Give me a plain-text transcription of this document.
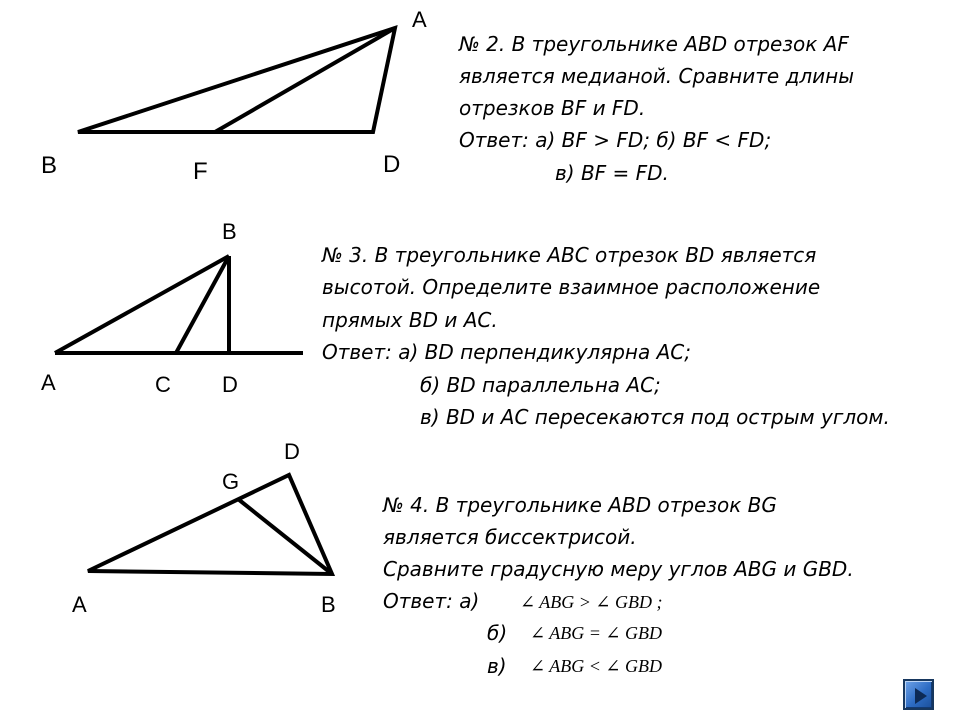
A
B	F	D
№ 2. В треугольнике ABD отрезок AF
является медианой. Сравните длины
отрезков BF и FD.
Ответ: а) BF > FD; б) BF < FD;
в) BF = FD.
B
A	C D
№ 3. В треугольнике ABC отрезок BD является
высотой. Определите взаимное расположение
прямых BD и AC.
Ответ: а) BD перпендикулярна AC;
б) BD параллельна AC;
в) BD и AC пересекаются под острым углом.
D
G
A	B
№ 4. В треугольнике ABD отрезок BG
является биссектрисой.
Сравните градусную меру углов ABG и GBD.
Ответ: а)
б)
в)
∠ ABG > ∠ GBD ;
∠ ABG = ∠ GBD
∠ ABG < ∠ GBD
